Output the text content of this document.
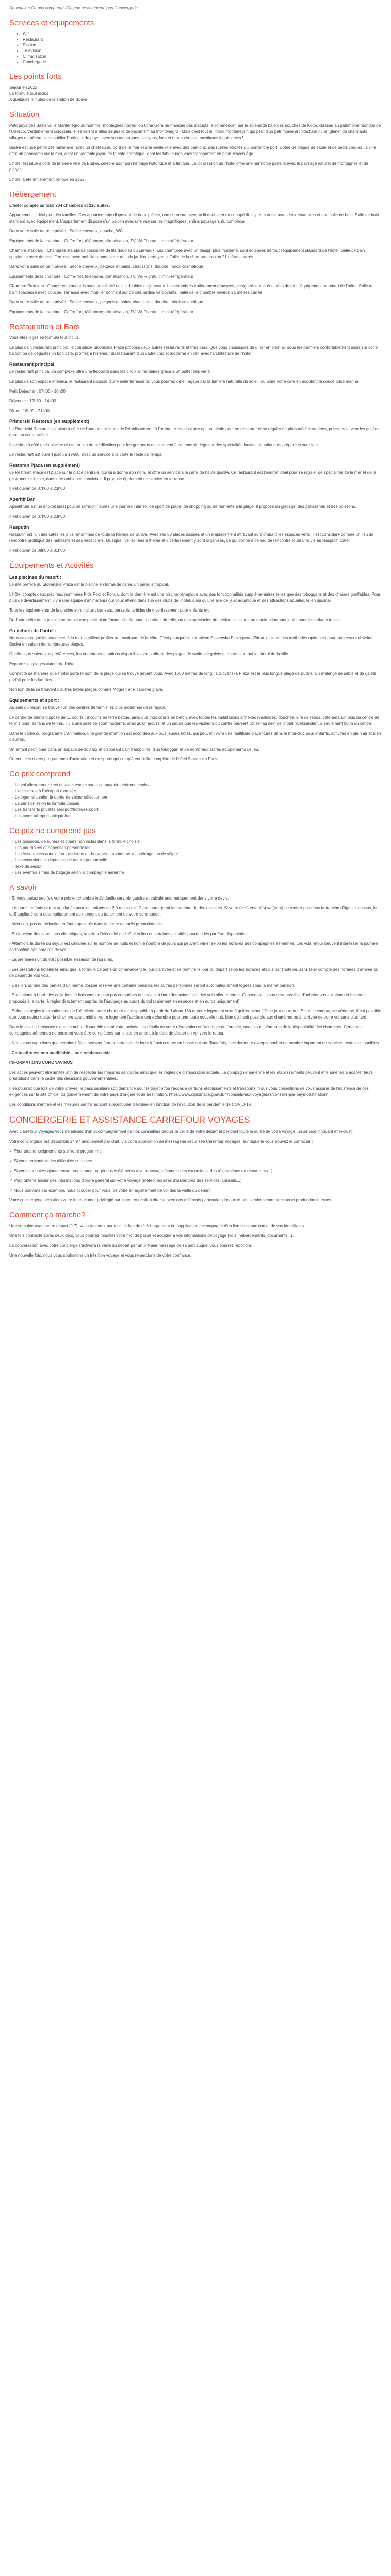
Description Ce prix comprend / Ce prix ne comprend pas Conciergerie

Services et équipements
• Wifi
• Restaurant
• Piscine
• Télévision
• Climatisation
• Conciergerie
Les points forts
Séjour en 2022
La formule tout inclus
A quelques minutes de la station de Budva
Situation

Petit pays des Balkans, le Monténégro surnommé "montagnes noires" ou Crna Gora ne manque pas d'atouts, à commencer, par la splendide baie des bouches de Kotor, classée au patrimoine mondial de l'Unesco. Véritablement colossale, elles valent à elles seules le déplacement au Monténégro ! Mais c'est tout le littoral monténégrin qui peut d'un patrimoine architectural riche, glaner de charmants villages de pêche, sans oublier l'intérieur du pays, avec ses montagnes, canyons, lacs et monastères et mystiques inoubliables !

Budva est une petite cité millénaire, avec un château au bord de la mer et une vieille ville avec des bastions, des ruelles étroites qui bordent le port. Dotée de plages de sable et de petits criques, la ville offre un panorama sur la mer, c'est un véritable joyau de la côte adriatique, dont les fabuleuses vues transportent en plein Moyen Âge.

L'hôtel est situé à côté de la vieille ville de Budva, célèbre pour son héritage historique et artistique. La localisation de l'hôtel offre une harmonie parfaite avec le paysage naturel de montagnes et de plages.

L'hôtel a été entièrement rénové en 2022.

Hébergement

L'hôtel compte au total 734 chambres et 220 suites.

Appartement : Idéal pour les familles. Ces appartements disposent de deux pièces, une chambre avec un lit double et un canapé-lit. Il y en a aussi avec deux chambres et une salle de bain. Salle de bain standard avec équipement. L'appartement dispose d'un balcon avec une vue sur les magnifiques jardins paysagers du complexe.

Dans votre salle de bain privée : Sèche-cheveux, douche, WC

Equipements de la chambre : Coffre-fort, téléphone, climatisation, TV, Wi-Fi gratuit, mini-réfrigérateur

Chambre standard : Chambres standards possibilité de lits doubles ou jumeaux. Les chambres avec un design plus moderne, sont équipées de tout l'équipement standard de l'hôtel. Salle de bain spacieuse avec douche. Terrasse avec mobilier donnant sur de jolis jardins verdoyants. Taille de la chambre environ 21 mètres carrés.

Dans votre salle de bain privée : Sèche-cheveux, peignoir et bains, chaussons, douche, miroir cosmétique

Equipements de la chambre : Coffre-fort, téléphone, climatisation, TV, Wi-Fi gratuit, mini-réfrigérateur

Chambre Premium : Chambres standards avec possibilité de lits doubles ou jumeaux. Les chambres entièrement rénovées, design récent et équipées de tout l'équipement standard de l'hôtel. Salle de bain spacieuse avec douche. Terrasse avec mobilier donnant sur de jolis jardins verdoyants. Taille de la chambre environ 21 mètres carrés.

Dans votre salle de bain privée : Sèche-cheveux, peignoir et bains, chaussons, douche, miroir cosmétique

Equipements de la chambre : Coffre-fort, téléphone, climatisation, TV, Wi-Fi gratuit, mini-réfrigérateur

Restauration et Bars

Vous êtes logés en formule tout inclus.

En plus d'un restaurant principal, le complexe Slovenska Plaza propose deux autres restaurants et trois bars. Que vous choisissiez de dîner en plein air sous les palmiers confortablement assis sur votre balcon ou de déguster un bon café, profitez à l'intérieur du restaurant d'un cadre chic et moderne en lien avec l'architecture de l'hôtel.

Restaurant principal

Le restaurant principal du complexe offre une flexibilité dans les choix alimentaires grâce à un buffet très varié.

En plus de son espace intérieur, le restaurant dispose d'une belle terrasse où vous pourrez dîner, égayé par la lumière naturelle du soleil, ou boire votre café en écoutant la douce brise marine.

Petit Déjeuner : 07h00 - 10h00

Déjeuner : 12h30 - 14h00

Dîner : 18h00 - 21h00

Primorski Restoran (en supplément)

Le Primorski Restoran est situé à côté de l'une des piscines de l'établissement, à l'ombre, c'est ainsi une option idéale pour se restaurer et se régaler de plats méditerranéens, poissons et viandes grillées, dans un cadre raffiné.

Il se situe à côté de la piscine et est un lieu de prédilection pour les gourmets qui viennent à cet endroit déguster des spécialités locales et nationales préparées sur place.

Le restaurant est ouvert jusqu'à 19h00, avec un service à la carte le reste du temps.

Restoran Pjaca (en supplément)

Le Restoran Pjaca est placé sur la place centrale, qui lui a donné son nom, et offre un service à la carte de haute qualité. Ce restaurant est l'endroit idéal pour se régaler de spécialités de la mer et de la gastronomie locale, dans une ambiance conviviale. Il propose également un service en terrasse.

Il est ouvert de 07h00 à 23h00.

Aperitif Bar

Aperitif Bar est un endroit idéal pour se rafraîchir après une journée intense, de sport de plage, de shopping ou de farniente à la plage. Il propose du glâcage, des pâtisseries et des boissons.

Il est ouvert de 07h00 à 23h00.

Rasputin

Rasputin est l'un des cafés les plus renommés de toute la Riviera de Budva. Avec ses 50 places assises et un emplacement attrayant surplombant les espaces verts, il est considéré comme un lieu de rencontre prolifique des habitants et des vacanciers. Musique live, soirées à thème et divertissement y sont organisés, ce qui donne à ce lieu de rencontre toute une vie au Rasputin Café.

Il est ouvert de 08h00 à 01h00.

Équipements et Activités
Les piscines du resort :

Le site préféré du Slovenska Plaza est la piscine en forme de carré, un paradis tropical.

L'hôtel compte deux piscines, nommées Kids Pool et Fonda, dont la dernière est une piscine olympique avec des fonctionnalités supplémentaires telles que des toboggans et des chaises gonflables. Pour plus de divertissement, il y a une équipe d'animateurs qui vous attend dans l'un des clubs de l'hôtel, ainsi qu'une aire de jeux aquatique et des attractions aquatiques en piscine.

Tous les équipements de la piscine sont inclus : transats, parasols, articles de divertissement pour enfants etc.

De l'autre côté de la piscine se trouve une petite plate-forme utilisée pour la partie culturelle, où des spectacles de théâtre classique ou d'animation sont joués pour les enfants le soir.

En dehors de l'hôtel :

Nous savons que les vacances à la mer signifient profiter au maximum de la côte. C'est pourquoi le complexe Slovenska Plaza peut offrir aux clients des méthodes optimales pour tous ceux qui visitent Budva en saison de nombreuses plages.

Quelles que soient vos préférences, les nombreuses options disponibles vous offrent des plages de sable, de galets et autres sur tout le littoral de la ville.

Explorez les plages autour de l'hôtel :

Connecté de manière que l'hôtel porte le nom de la plage qui se trouve devant vous. Avec 1600 mètres de long, la Slovenska Plaza est la plus longue plage de Budva. Un mélange de sable et de galets : parfait pour les familles.

Non loin de là se trouvent d'autres belles plages comme Mogren et Ričardova glava.

Équipements et sport :

Au sein du resort, se trouve l'un des centres de tennis les plus modernes de la région.

Le centre de tennis dispose de 11 courts ; 8 courts en terre battue, ainsi que trois courts en béton, avec toutes les installations annexes (vestiaires, douches, aire de repos, café-bar). En plus du centre de tennis pour les fans de tennis, il y a une salle de sport moderne, ainsi qu'un jacuzzi et un sauna que les visiteurs du centre peuvent utiliser au sein de l'hôtel "Aleksandar", à seulement 50 m du centre.

Dans le cadre du programme d'animation, une grande attention est accordée aux plus jeunes hôtes, qui peuvent vivre une multitude d'aventures dans le mini-club pour enfants, activités en plein air et bien d'autres.

Un enfant peut jouer dans un espace de 300 m2 et disposant d'un trampoline, d'un toboggan et de nombreux autres équipements de jeu.

Ce sont ces divers programmes d'animation et de sports qui complètent l'offre complète de l'hôtel Slovenska Plaza.

Ce prix comprend
- Le vol aller/retour direct ou avec escale sur la compagnie aérienne choisie
- L'assistance à l'aéroport d'arrivée
- Le logement selon la durée de séjour sélectionnée
- La pension selon la formule choisie
- Les transferts privatifs aéroport/hôtel/aéroport
- Les taxes aéroport obligatoires
Ce prix ne comprend pas
- Les boissons, déjeuners et dîners non inclus dans la formule choisie
- Les pourboires et dépenses personnelles
- Les Assurances annulation - assistance - bagages - rapatriement - prolongation de séjour
- Les excursions et dépenses de nature personnelle
- Taxe de séjour
- Les éventuels frais de bagage selon la compagnie aérienne
A savoir

- Si vous partez seul(e), votre prix en chambre individuelle sera obligatoire et calculé automatiquement dans votre devis.

- Les tarifs enfants seront appliqués pour les enfants de 2 à moins de 12 ans partageant la chambre de deux adultes. Si votre (vos) enfant(s) va (vont) ne rentrer pas dans la tranche d'âges ci-dessus, le tarif appliqué sera automatiquement au moment du traitement de votre commande.

- Attention, pas de réduction enfant applicable dans le cadre de tarifs promotionnels.

- En fonction des conditions climatiques, la ville a l'efficacité de l'hôtel et lieu et certaines activités pourront les par être disponibles.

- Attention, la durée du séjour est calculée sur le nombre de nuits et non le nombre de jours qui peuvent varier selon les horaires des compagnies aériennes. Les vols retour peuvent intéresser la journée en fonction des horaires de vol.

- La première nuit du vol : possible en raison de horaires.

- Les prestations hôtelières ainsi que la formule de pension commencent le jour d'arrivée et se termine le jour du départ selon les horaires établis par l'hôtelier, sans tenir compte des horaires d'arrivée ou de départ de vos vols.

- Dès lors qu'une des parties d'un même dossier réserve une certaine pension, les autres personnes seront automatiquement logées sous la même pension.

- Prestations à bord : les collations et boissons ne sont pas comprises en service à bord des avions lors des vols aller et retour. Cependant il vous sera possible d'acheter vos collations et boissons proposés à la carte, à régler directement auprès de l'équipage au cours du vol (paiement en espèces et en euros uniquement).

- Selon les règles internationales de l'hôtellerie, votre chambre est disponible à partir de 14h ou 15h et votre logement sera à quitter avant 12h le jour du retour. Selon la compagnie aérienne, il est possible que vous deviez quitter la chambre avant midi et votre logement l'accès à votre chambre pour une toute nouvelle nuit, bien qu'il soit possible aux chambres ou à l'arrivée de votre vol sans plus tard.

Dans le cas de l'absence d'une chambre disponible avant votre arrivée, les détails de votre réservation et l'acompte de l'arrivée, nous vous informons de la disponibilité des chambres. Certaines compagnies aériennes ne pourront vous être complétées sur le site en amont à la date de départ en vol vers le retour.

- Nous vous rappelons que certains hôtels peuvent fermer certaines de leurs infrastructures en basse saison. Toutefois, ceci demeure exceptionnel et un nombre important de services restent disponibles.

- Cette offre est non modifiable – non remboursable

INFORMATIONS CORONAVIRUS

Les accès peuvent être limités afin de respecter les mesures sanitaires ainsi que les règles de distanciation sociale. La compagnie aérienne et les établissements peuvent être amenés à adapter leurs prestations dans le cadre des décisions gouvernementales.

Il se pourrait que lors de votre arrivée, le pass sanitaire soit demandé pour le trajet et/ou l'accès à certains établissements et transports. Nous vous conseillons de vous assurer de l'existence de ces exigences sur le site officiel du gouvernement de votre pays d'origine et de destination, https://www.diplomatie.gouv.fr/fr/conseils-aux-voyageurs/conseils-par-pays-destination/

Les conditions d'entrée et les mesures sanitaires sont susceptibles d'évoluer en fonction de l'évolution de la pandémie de COVID-19.

CONCIERGERIE ET ASSISTANCE CARREFOUR VOYAGES

Avec Carrefour Voyages vous bénéficiez d'un accompagnement de nos conseillers depuis la veille de votre départ et pendant toute la durée de votre voyage, un service innovant et exclusif.

Votre conciergerie est disponible 24h/7 uniquement par chat, via votre application de messagerie sécurisée Carrefour Voyages, sur laquelle vous pouvez le contacter :

✓ Pour tous renseignements sur votre programme

✓ Si vous rencontrez des difficultés sur place

✓ Si vous souhaitez ajouter votre programme ou gérer des éléments à votre voyage (comme des excursions, des réservations de restaurants...)

✓ Pour obtenir ancier des informations d'ordre général sur votre voyage (météo, horaires d'ouvertures des services, conseils...)

✓ Nous pouvons par exemple, nous occuper pour vous, de votre enregistrement de vol dès la veille du départ

Votre conciergerie sera alors votre interlocuteur privilégié sur place en relation directe avec nos différents partenaires locaux et nos services commerciaux et production internes.

Comment ça marche?

Une semaine avant votre départ (J-7), vous recevrez par mail, le lien de téléchargement de l'application accompagné d'un lien de connexion et de vos identifiants.

Une fois connecté après deux clics, vous pourrez modifier votre mot de passe et accéder à vos informations de voyage (vols, hébergements, documents...).

La conversation avec votre concierge s'activera la veille du départ par un premier message de sa part auquel vous pourrez répondre.

Une nouvelle fois, nous vous souhaitons un très bon voyage et vous remercions de votre confiance.
